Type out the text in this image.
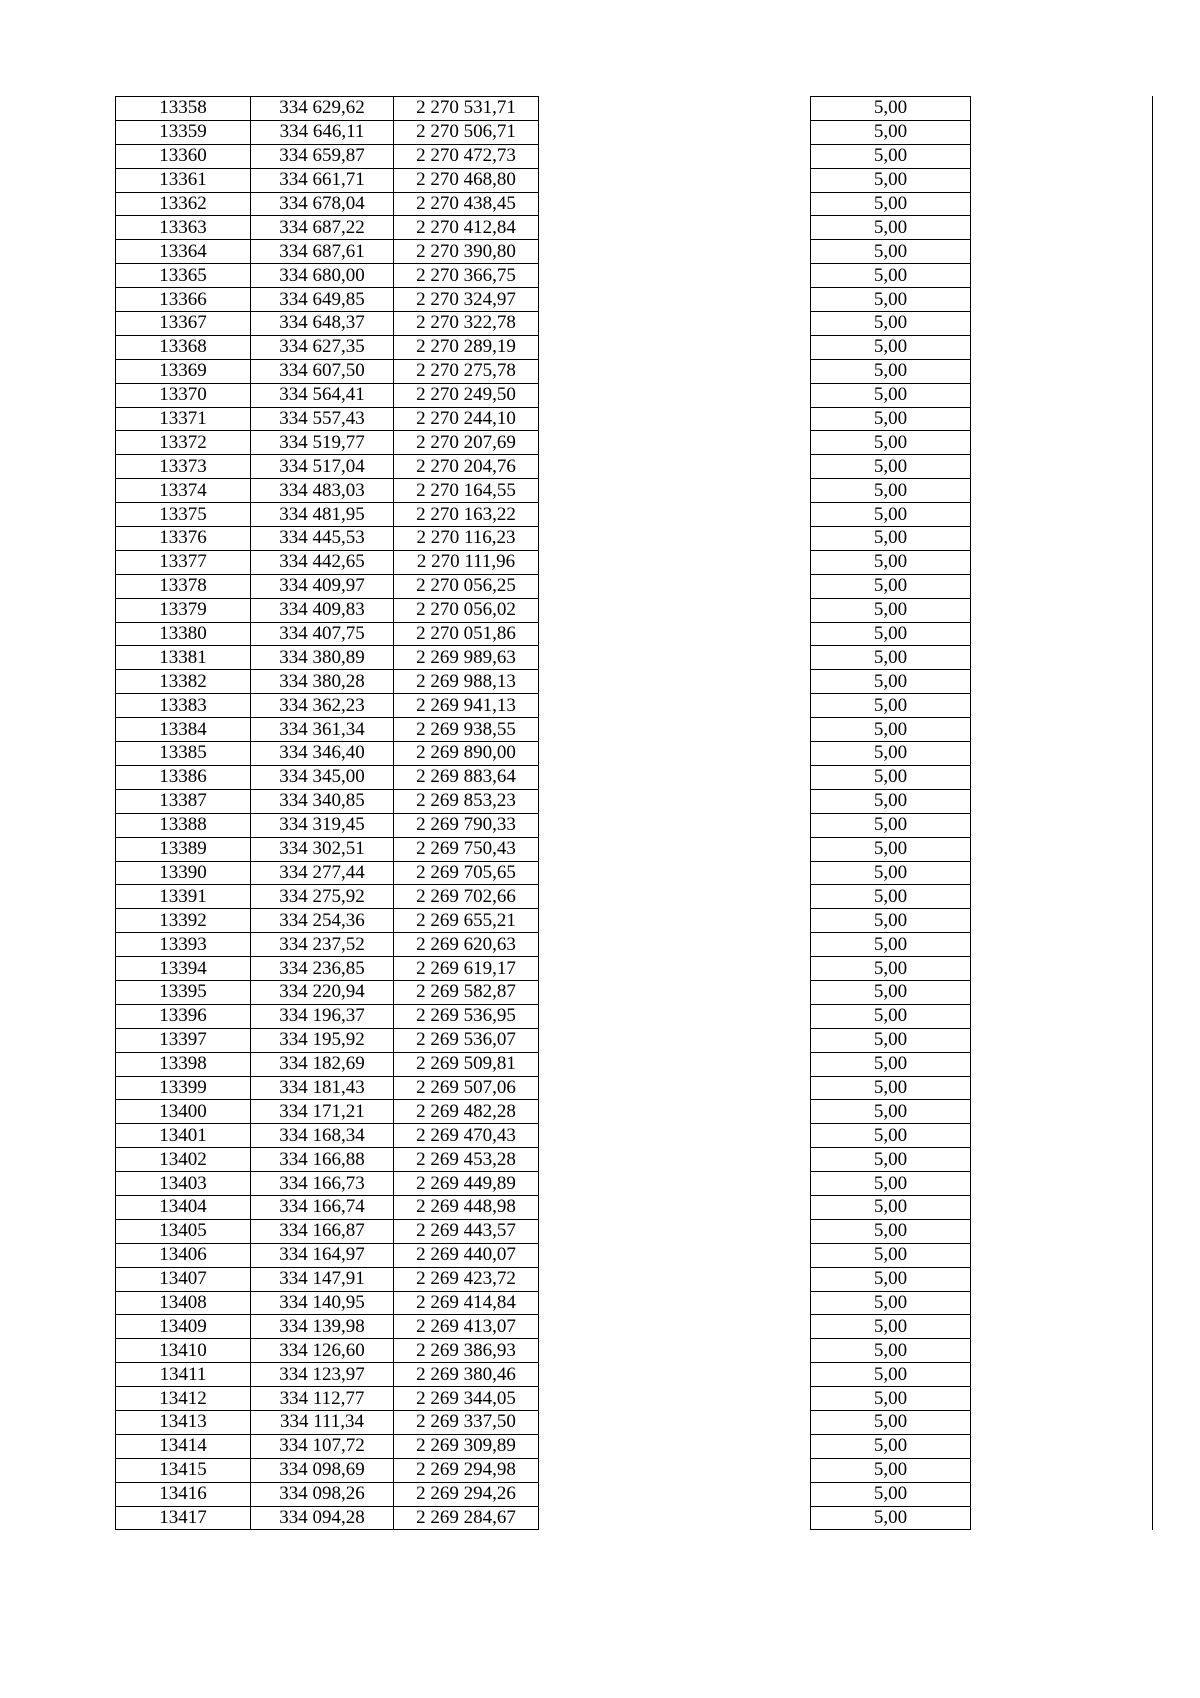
13358	334 629,62	2 270 531,71		5,00	
13359	334 646,11	2 270 506,71		5,00	
13360	334 659,87	2 270 472,73		5,00	
13361	334 661,71	2 270 468,80		5,00	
13362	334 678,04	2 270 438,45		5,00	
13363	334 687,22	2 270 412,84		5,00	
13364	334 687,61	2 270 390,80		5,00	
13365	334 680,00	2 270 366,75		5,00	
13366	334 649,85	2 270 324,97		5,00	
13367	334 648,37	2 270 322,78		5,00	
13368	334 627,35	2 270 289,19		5,00	
13369	334 607,50	2 270 275,78		5,00	
13370	334 564,41	2 270 249,50		5,00	
13371	334 557,43	2 270 244,10		5,00	
13372	334 519,77	2 270 207,69		5,00	
13373	334 517,04	2 270 204,76		5,00	
13374	334 483,03	2 270 164,55		5,00	
13375	334 481,95	2 270 163,22		5,00	
13376	334 445,53	2 270 116,23		5,00	
13377	334 442,65	2 270 111,96		5,00	
13378	334 409,97	2 270 056,25		5,00	
13379	334 409,83	2 270 056,02		5,00	
13380	334 407,75	2 270 051,86		5,00	
13381	334 380,89	2 269 989,63		5,00	
13382	334 380,28	2 269 988,13		5,00	
13383	334 362,23	2 269 941,13		5,00	
13384	334 361,34	2 269 938,55		5,00	
13385	334 346,40	2 269 890,00		5,00	
13386	334 345,00	2 269 883,64		5,00	
13387	334 340,85	2 269 853,23		5,00	
13388	334 319,45	2 269 790,33		5,00	
13389	334 302,51	2 269 750,43		5,00	
13390	334 277,44	2 269 705,65		5,00	
13391	334 275,92	2 269 702,66		5,00	
13392	334 254,36	2 269 655,21		5,00	
13393	334 237,52	2 269 620,63		5,00	
13394	334 236,85	2 269 619,17		5,00	
13395	334 220,94	2 269 582,87		5,00	
13396	334 196,37	2 269 536,95		5,00	
13397	334 195,92	2 269 536,07		5,00	
13398	334 182,69	2 269 509,81		5,00	
13399	334 181,43	2 269 507,06		5,00	
13400	334 171,21	2 269 482,28		5,00	
13401	334 168,34	2 269 470,43		5,00	
13402	334 166,88	2 269 453,28		5,00	
13403	334 166,73	2 269 449,89		5,00	
13404	334 166,74	2 269 448,98		5,00	
13405	334 166,87	2 269 443,57		5,00	
13406	334 164,97	2 269 440,07		5,00	
13407	334 147,91	2 269 423,72		5,00	
13408	334 140,95	2 269 414,84		5,00	
13409	334 139,98	2 269 413,07		5,00	
13410	334 126,60	2 269 386,93		5,00	
13411	334 123,97	2 269 380,46		5,00	
13412	334 112,77	2 269 344,05		5,00	
13413	334 111,34	2 269 337,50		5,00	
13414	334 107,72	2 269 309,89		5,00	
13415	334 098,69	2 269 294,98		5,00	
13416	334 098,26	2 269 294,26		5,00	
13417	334 094,28	2 269 284,67		5,00	
